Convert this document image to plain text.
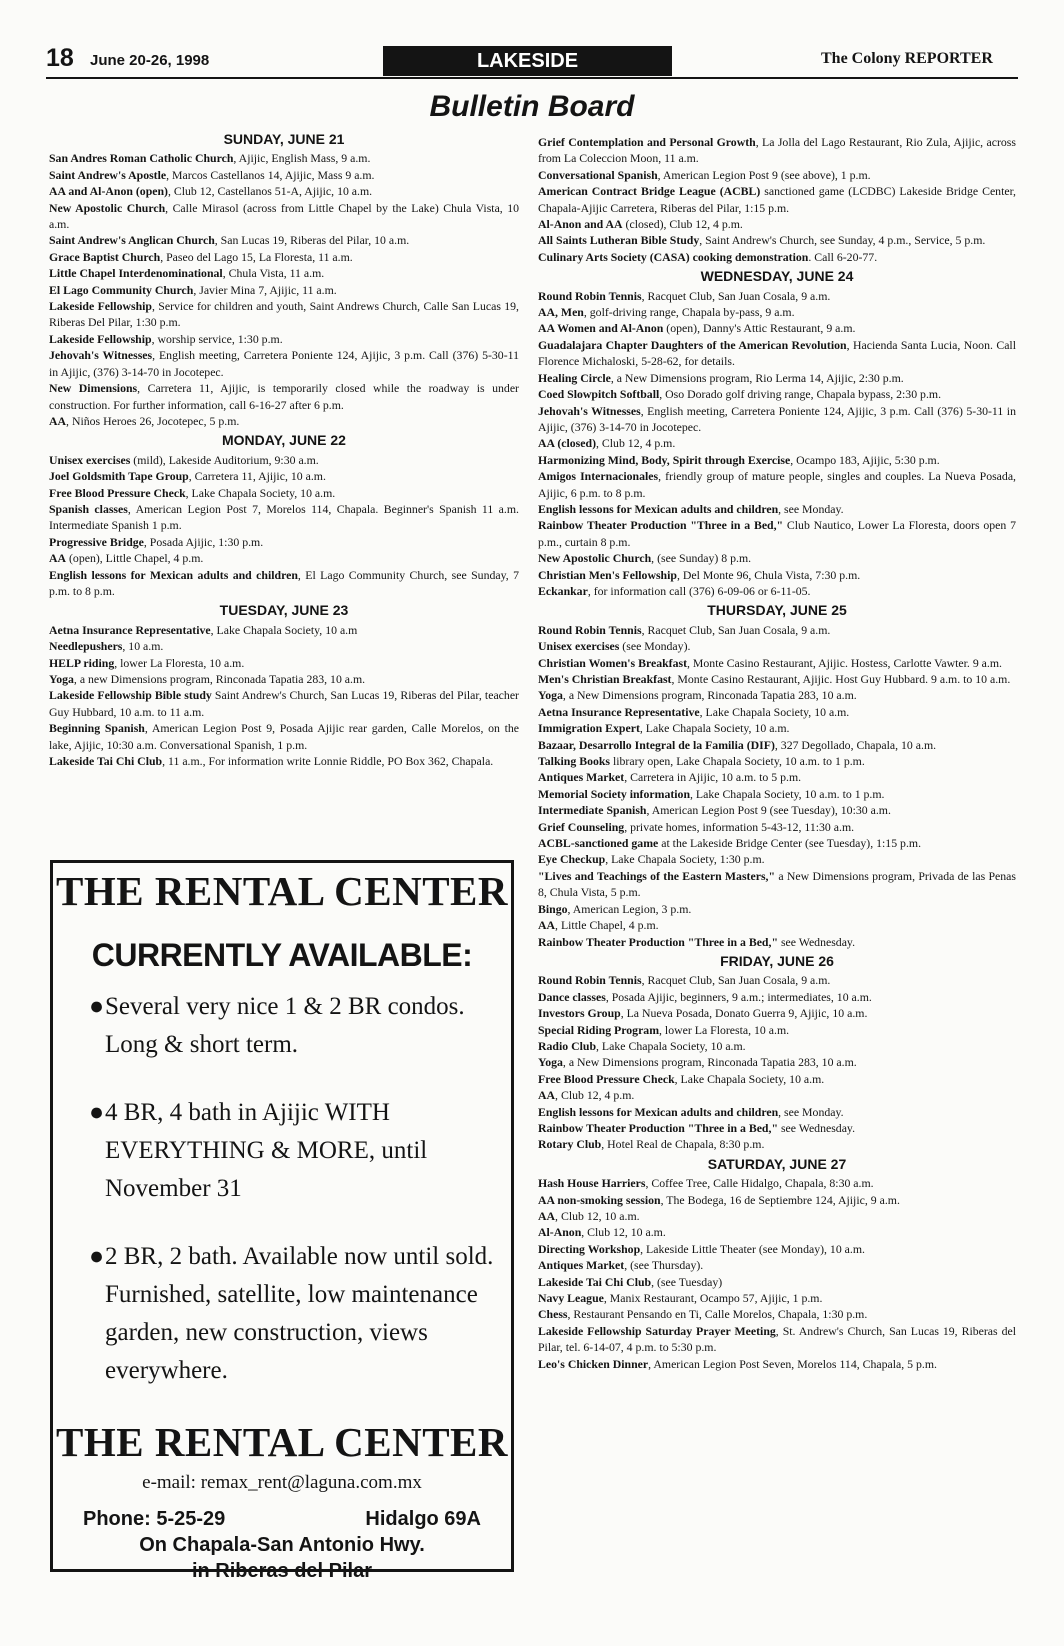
18 June 20-26, 1998	LAKESIDE	The Colony REPORTER
Bulletin Board
SUNDAY, JUNE 21
San Andres Roman Catholic Church, Ajijic, English Mass, 9 a.m.
Saint Andrew's Apostle, Marcos Castellanos 14, Ajijic, Mass 9 a.m.
AA and Al-Anon (open), Club 12, Castellanos 51-A, Ajijic, 10 a.m.
New Apostolic Church, Calle Mirasol (across from Little Chapel by the Lake) Chula Vista, 10 a.m.
Saint Andrew's Anglican Church, San Lucas 19, Riberas del Pilar, 10 a.m.
Grace Baptist Church, Paseo del Lago 15, La Floresta, 11 a.m.
Little Chapel Interdenominational, Chula Vista, 11 a.m.
El Lago Community Church, Javier Mina 7, Ajijic, 11 a.m.
Lakeside Fellowship, Service for children and youth, Saint Andrews Church, Calle San Lucas 19, Riberas Del Pilar, 1:30 p.m.
Lakeside Fellowship, worship service, 1:30 p.m.
Jehovah's Witnesses, English meeting, Carretera Poniente 124, Ajijic, 3 p.m. Call (376) 5-30-11 in Ajijic, (376) 3-14-70 in Jocotepec.
New Dimensions, Carretera 11, Ajijic, is temporarily closed while the roadway is under construction. For further information, call 6-16-27 after 6 p.m.
AA, Niños Heroes 26, Jocotepec, 5 p.m.
MONDAY, JUNE 22
Unisex exercises (mild), Lakeside Auditorium, 9:30 a.m.
Joel Goldsmith Tape Group, Carretera 11, Ajijic, 10 a.m.
Free Blood Pressure Check, Lake Chapala Society, 10 a.m.
Spanish classes, American Legion Post 7, Morelos 114, Chapala. Beginner's Spanish 11 a.m. Intermediate Spanish 1 p.m.
Progressive Bridge, Posada Ajijic, 1:30 p.m.
AA (open), Little Chapel, 4 p.m.
English lessons for Mexican adults and children, El Lago Community Church, see Sunday, 7 p.m. to 8 p.m.
TUESDAY, JUNE 23
Aetna Insurance Representative, Lake Chapala Society, 10 a.m
Needlepushers, 10 a.m.
HELP riding, lower La Floresta, 10 a.m.
Yoga, a new Dimensions program, Rinconada Tapatia 283, 10 a.m.
Lakeside Fellowship Bible study Saint Andrew's Church, San Lucas 19, Riberas del Pilar, teacher Guy Hubbard, 10 a.m. to 11 a.m.
Beginning Spanish, American Legion Post 9, Posada Ajijic rear garden, Calle Morelos, on the lake, Ajijic, 10:30 a.m. Conversational Spanish, 1 p.m.
Lakeside Tai Chi Club, 11 a.m., For information write Lonnie Riddle, PO Box 362, Chapala.
Grief Contemplation and Personal Growth, La Jolla del Lago Restaurant, Rio Zula, Ajijic, across from La Coleccion Moon, 11 a.m.
Conversational Spanish, American Legion Post 9 (see above), 1 p.m.
American Contract Bridge League (ACBL) sanctioned game (LCDBC) Lakeside Bridge Center, Chapala-Ajijic Carretera, Riberas del Pilar, 1:15 p.m.
Al-Anon and AA (closed), Club 12, 4 p.m.
All Saints Lutheran Bible Study, Saint Andrew's Church, see Sunday, 4 p.m., Service, 5 p.m.
Culinary Arts Society (CASA) cooking demonstration. Call 6-20-77.
WEDNESDAY, JUNE 24
Round Robin Tennis, Racquet Club, San Juan Cosala, 9 a.m.
AA, Men, golf-driving range, Chapala by-pass, 9 a.m.
AA Women and Al-Anon (open), Danny's Attic Restaurant, 9 a.m.
Guadalajara Chapter Daughters of the American Revolution, Hacienda Santa Lucia, Noon. Call Florence Michaloski, 5-28-62, for details.
Healing Circle, a New Dimensions program, Rio Lerma 14, Ajijic, 2:30 p.m.
Coed Slowpitch Softball, Oso Dorado golf driving range, Chapala bypass, 2:30 p.m.
Jehovah's Witnesses, English meeting, Carretera Poniente 124, Ajijic, 3 p.m. Call (376) 5-30-11 in Ajijic, (376) 3-14-70 in Jocotepec.
AA (closed), Club 12, 4 p.m.
Harmonizing Mind, Body, Spirit through Exercise, Ocampo 183, Ajijic, 5:30 p.m.
Amigos Internacionales, friendly group of mature people, singles and couples. La Nueva Posada, Ajijic, 6 p.m. to 8 p.m.
English lessons for Mexican adults and children, see Monday.
Rainbow Theater Production "Three in a Bed," Club Nautico, Lower La Floresta, doors open 7 p.m., curtain 8 p.m.
New Apostolic Church, (see Sunday) 8 p.m.
Christian Men's Fellowship, Del Monte 96, Chula Vista, 7:30 p.m.
Eckankar, for information call (376) 6-09-06 or 6-11-05.
THURSDAY, JUNE 25
Round Robin Tennis, Racquet Club, San Juan Cosala, 9 a.m.
Unisex exercises (see Monday).
Christian Women's Breakfast, Monte Casino Restaurant, Ajijic. Hostess, Carlotte Vawter. 9 a.m.
Men's Christian Breakfast, Monte Casino Restaurant, Ajijic. Host Guy Hubbard. 9 a.m. to 10 a.m.
Yoga, a New Dimensions program, Rinconada Tapatia 283, 10 a.m.
Aetna Insurance Representative, Lake Chapala Society, 10 a.m.
Immigration Expert, Lake Chapala Society, 10 a.m.
Bazaar, Desarrollo Integral de la Familia (DIF), 327 Degollado, Chapala, 10 a.m.
Talking Books library open, Lake Chapala Society, 10 a.m. to 1 p.m.
Antiques Market, Carretera in Ajijic, 10 a.m. to 5 p.m.
Memorial Society information, Lake Chapala Society, 10 a.m. to 1 p.m.
Intermediate Spanish, American Legion Post 9 (see Tuesday), 10:30 a.m.
Grief Counseling, private homes, information 5-43-12, 11:30 a.m.
ACBL-sanctioned game at the Lakeside Bridge Center (see Tuesday), 1:15 p.m.
Eye Checkup, Lake Chapala Society, 1:30 p.m.
"Lives and Teachings of the Eastern Masters," a New Dimensions program, Privada de las Penas 8, Chula Vista, 5 p.m.
Bingo, American Legion, 3 p.m.
AA, Little Chapel, 4 p.m.
Rainbow Theater Production "Three in a Bed," see Wednesday.
FRIDAY, JUNE 26
Round Robin Tennis, Racquet Club, San Juan Cosala, 9 a.m.
Dance classes, Posada Ajijic, beginners, 9 a.m.; intermediates, 10 a.m.
Investors Group, La Nueva Posada, Donato Guerra 9, Ajijic, 10 a.m.
Special Riding Program, lower La Floresta, 10 a.m.
Radio Club, Lake Chapala Society, 10 a.m.
Yoga, a New Dimensions program, Rinconada Tapatia 283, 10 a.m.
Free Blood Pressure Check, Lake Chapala Society, 10 a.m.
AA, Club 12, 4 p.m.
English lessons for Mexican adults and children, see Monday.
Rainbow Theater Production "Three in a Bed," see Wednesday.
Rotary Club, Hotel Real de Chapala, 8:30 p.m.
SATURDAY, JUNE 27
Hash House Harriers, Coffee Tree, Calle Hidalgo, Chapala, 8:30 a.m.
AA non-smoking session, The Bodega, 16 de Septiembre 124, Ajijic, 9 a.m.
AA, Club 12, 10 a.m.
Al-Anon, Club 12, 10 a.m.
Directing Workshop, Lakeside Little Theater (see Monday), 10 a.m.
Antiques Market, (see Thursday).
Lakeside Tai Chi Club, (see Tuesday)
Navy League, Manix Restaurant, Ocampo 57, Ajijic, 1 p.m.
Chess, Restaurant Pensando en Ti, Calle Morelos, Chapala, 1:30 p.m.
Lakeside Fellowship Saturday Prayer Meeting, St. Andrew's Church, San Lucas 19, Riberas del Pilar, tel. 6-14-07, 4 p.m. to 5:30 p.m.
Leo's Chicken Dinner, American Legion Post Seven, Morelos 114, Chapala, 5 p.m.
THE RENTAL CENTER
CURRENTLY AVAILABLE:
● Several very nice 1 & 2 BR condos. Long & short term.
● 4 BR, 4 bath in Ajijic WITH EVERYTHING & MORE, until November 31
● 2 BR, 2 bath. Available now until sold. Furnished, satellite, low maintenance garden, new construction, views everywhere.
THE RENTAL CENTER
e-mail: remax_rent@laguna.com.mx
Phone: 5-25-29	Hidalgo 69A
On Chapala-San Antonio Hwy.
in Riberas del Pilar
